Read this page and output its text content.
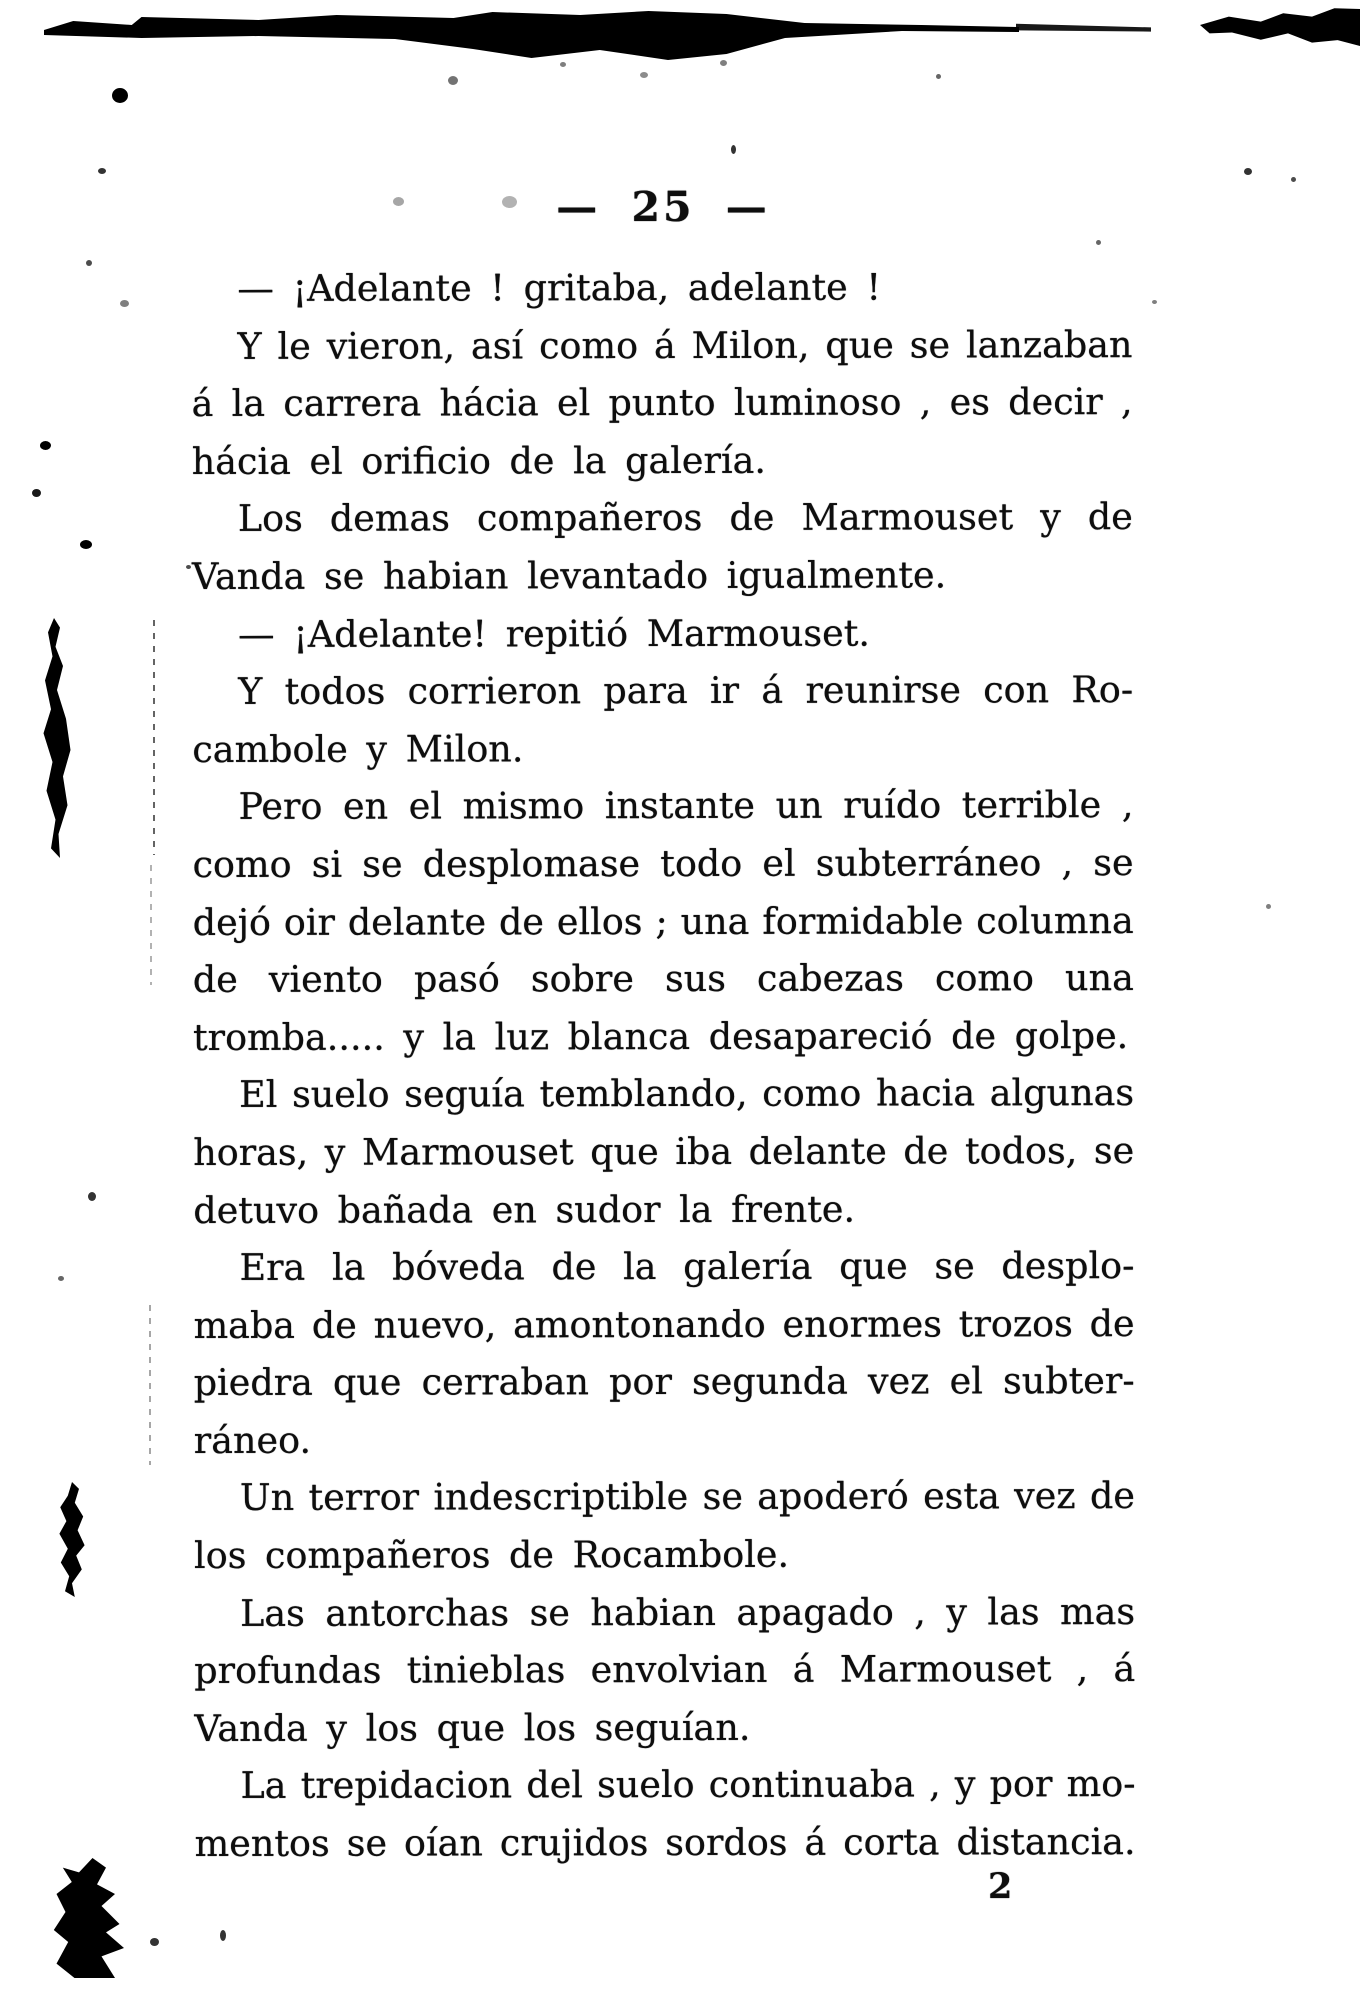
— 25 —
— ¡Adelante ! gritaba, adelante !
Y le vieron, así como á Milon, que se lanzaban
á la carrera hácia el punto luminoso , es decir ,
hácia el orificio de la galería.
Los demas compañeros de Marmouset y de
Vanda se habian levantado igualmente.
— ¡Adelante! repitió Marmouset.
Y todos corrieron para ir á reunirse con Ro-
cambole y Milon.
Pero en el mismo instante un ruído terrible ,
como si se desplomase todo el subterráneo , se
dejó oir delante de ellos ; una formidable columna
de viento pasó sobre sus cabezas como una
tromba..... y la luz blanca desapareció de golpe.
El suelo seguía temblando, como hacia algunas
horas, y Marmouset que iba delante de todos, se
detuvo bañada en sudor la frente.
Era la bóveda de la galería que se desplo-
maba de nuevo, amontonando enormes trozos de
piedra que cerraban por segunda vez el subter-
ráneo.
Un terror indescriptible se apoderó esta vez de
los compañeros de Rocambole.
Las antorchas se habian apagado , y las mas
profundas tinieblas envolvian á Marmouset , á
Vanda y los que los seguían.
La trepidacion del suelo continuaba , y por mo-
mentos se oían crujidos sordos á corta distancia.
2
